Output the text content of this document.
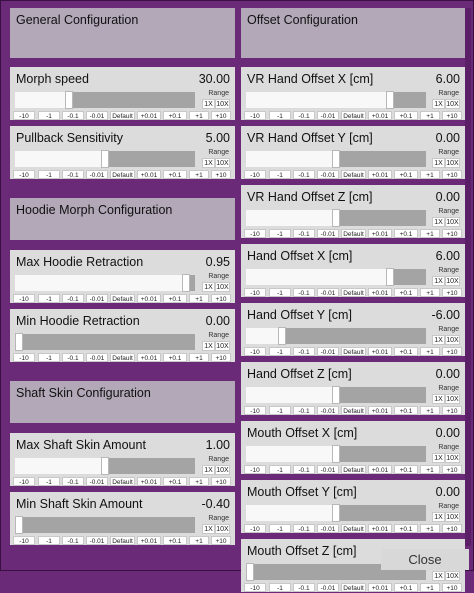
General Configuration
Morph speed	30.00
Range
1X 10X
-10	-1	-0.1	-0.01	Default	+0.01	+0.1	+1	+10
Pullback Sensitivity	5.00
Range
1X 10X
-10	-1	-0.1	-0.01	Default	+0.01	+0.1	+1	+10
Hoodie Morph Configuration
Max Hoodie Retraction	0.95
Range
1X 10X
-10	-1	-0.1	-0.01	Default	+0.01	+0.1	+1	+10
Min Hoodie Retraction	0.00
Range
1X 10X
-10	-1	-0.1	-0.01	Default	+0.01	+0.1	+1	+10
Shaft Skin Configuration
Max Shaft Skin Amount	1.00
Range
1X 10X
-10	-1	-0.1	-0.01	Default	+0.01	+0.1	+1	+10
Min Shaft Skin Amount	-0.40
Range
1X 10X
-10	-1	-0.1	-0.01	Default	+0.01	+0.1	+1	+10
Offset Configuration
VR Hand Offset X [cm]	6.00
Range
1X 10X
-10	-1	-0.1	-0.01	Default	+0.01	+0.1	+1	+10
VR Hand Offset Y [cm]	0.00
Range
1X 10X
-10	-1	-0.1	-0.01	Default	+0.01	+0.1	+1	+10
VR Hand Offset Z [cm]	0.00
Range
1X 10X
-10	-1	-0.1	-0.01	Default	+0.01	+0.1	+1	+10
Hand Offset X [cm]	6.00
Range
1X 10X
-10	-1	-0.1	-0.01	Default	+0.01	+0.1	+1	+10
Hand Offset Y [cm]	-6.00
Range
1X 10X
-10	-1	-0.1	-0.01	Default	+0.01	+0.1	+1	+10
Hand Offset Z [cm]	0.00
Range
1X 10X
-10	-1	-0.1	-0.01	Default	+0.01	+0.1	+1	+10
Mouth Offset X [cm]	0.00
Range
1X 10X
-10	-1	-0.1	-0.01	Default	+0.01	+0.1	+1	+10
Mouth Offset Y [cm]	0.00
Range
1X 10X
-10	-1	-0.1	-0.01	Default	+0.01	+0.1	+1	+10
Mouth Offset Z [cm]
1X 10X
-10	-1	-0.1	-0.01	Default	+0.01	+0.1	+1	+10
Close
